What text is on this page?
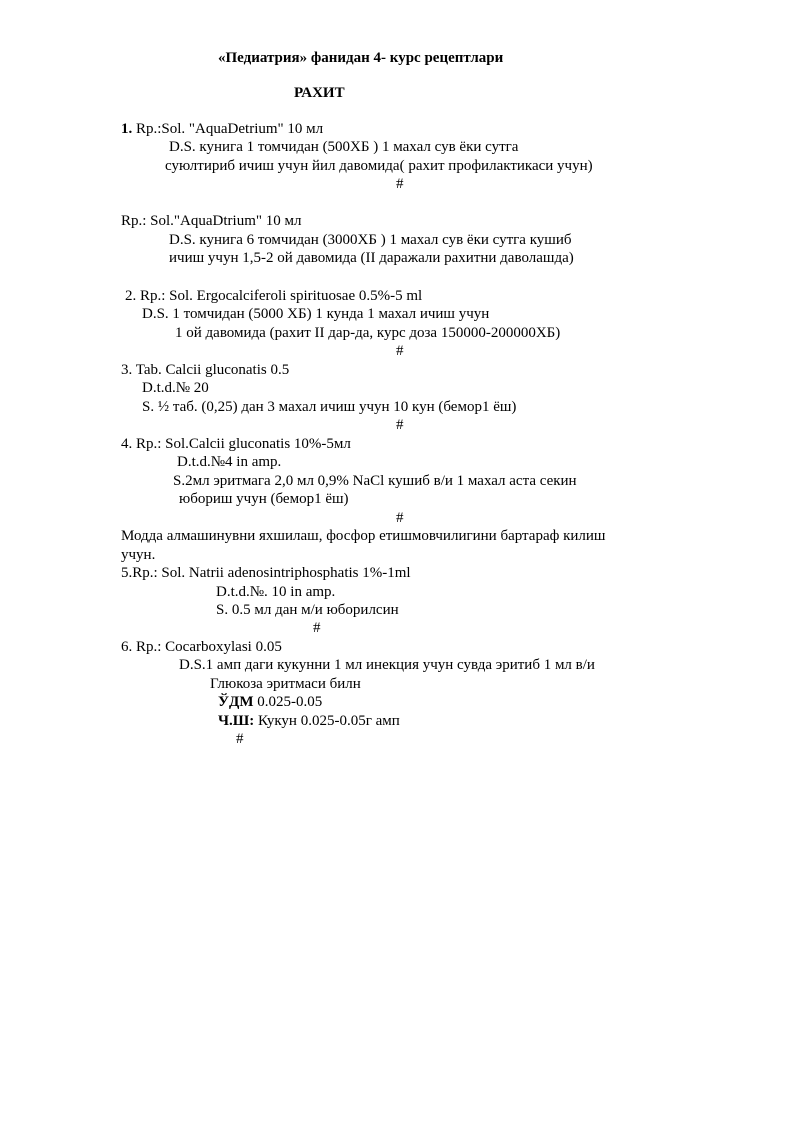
«Педиатрия» фанидан 4- курс рецептлари
РАХИТ
1. Rp.:Sol. "AquaDetrium" 10 мл
D.S. кунига 1 томчидан (500ХБ ) 1 махал сув ёки сутга
суюлтириб ичиш учун йил давомида( рахит профилактикаси учун)
#
Rp.: Sol."AquaDtrium" 10 мл
D.S. кунига 6 томчидан (3000ХБ ) 1 махал сув ёки сутга кушиб
ичиш учун 1,5-2 ой давомида (II даражали рахитни даволашда)
2. Rp.: Sol. Ergocalciferoli spirituosae 0.5%-5 ml
D.S. 1 томчидан (5000 ХБ) 1 кунда 1 махал ичиш учун
1 ой давомида (рахит II дар-да, курс доза 150000-200000ХБ)
#
3. Tab. Calcii gluconatis 0.5
D.t.d.№ 20
S. ½ таб. (0,25) дан 3 махал ичиш учун 10 кун (бемор1 ёш)
#
4. Rp.: Sol.Calcii gluconatis 10%-5мл
D.t.d.№4 in amp.
S.2мл эритмага 2,0 мл 0,9% NaCl кушиб в/и 1 махал аста секин
юбориш учун (бемор1 ёш)
#
Модда алмашинувни яхшилаш, фосфор етишмовчилигини бартараф килиш
учун.
5.Rp.: Sol. Natrii adenosintriphosphatis 1%-1ml
D.t.d.№. 10 in amp.
S. 0.5 мл дан м/и юборилсин
#
6. Rp.: Cocarboxylasi 0.05
D.S.1 амп даги кукунни 1 мл инекция учун сувда эритиб 1 мл в/и
Глюкоза эритмаси билн
ЎДМ 0.025-0.05
Ч.Ш: Кукун 0.025-0.05г амп
#
